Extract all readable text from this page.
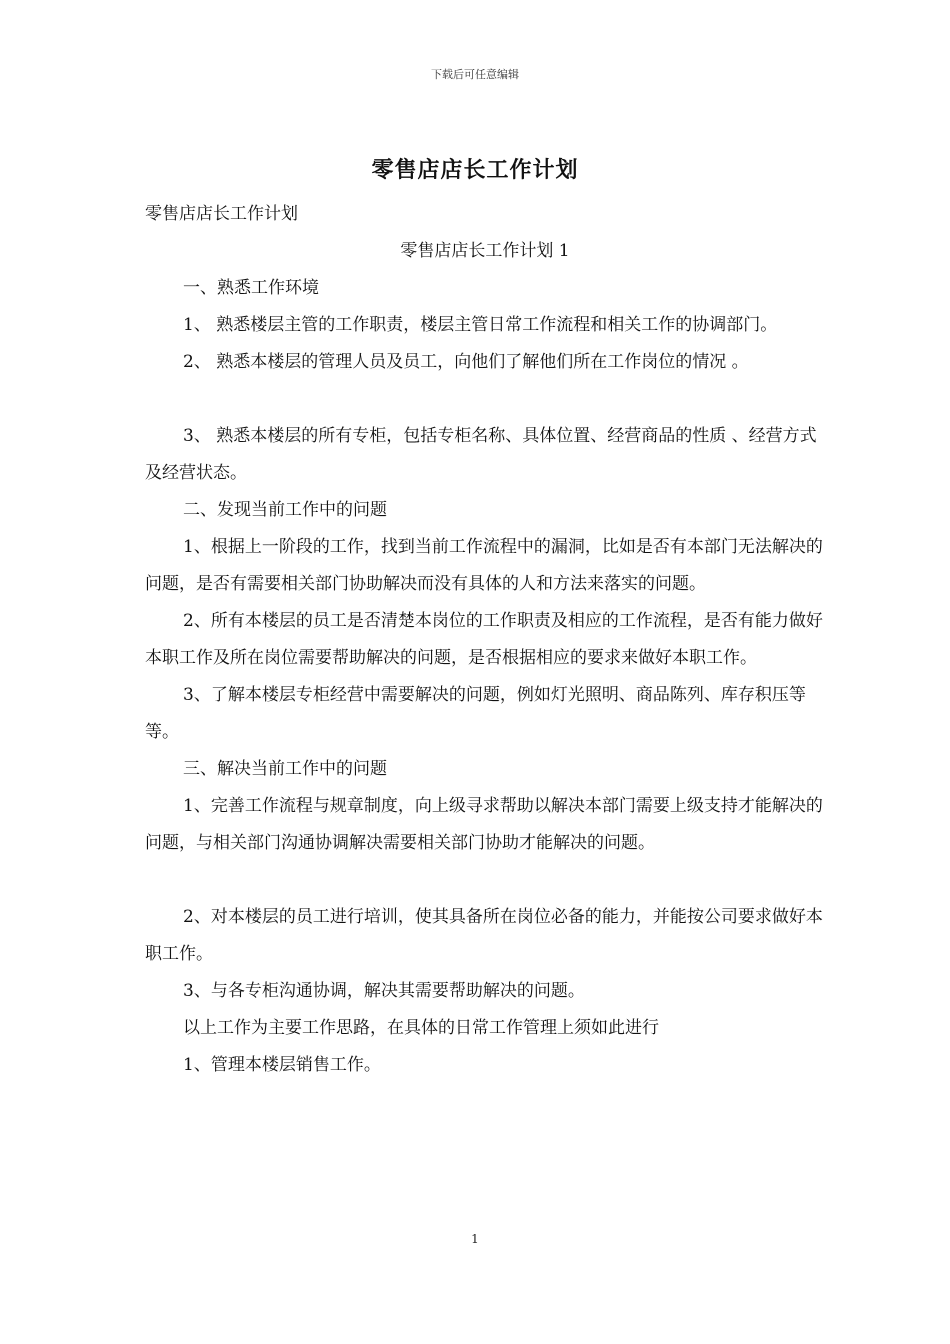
下载后可任意编辑
零售店店长工作计划

零售店店长工作计划

零售店店长工作计划 1

一、熟悉工作环境

1、 熟悉楼层主管的工作职责，楼层主管日常工作流程和相关工作的协调部门。

2、 熟悉本楼层的管理人员及员工，向他们了解他们所在工作岗位的情况 。

3、 熟悉本楼层的所有专柜，包括专柜名称、具体位置、经营商品的性质 、经营方式及经营状态。

二、发现当前工作中的问题

1、根据上一阶段的工作，找到当前工作流程中的漏洞，比如是否有本部门无法解决的问题，是否有需要相关部门协助解决而没有具体的人和方法来落实的问题。

2、所有本楼层的员工是否清楚本岗位的工作职责及相应的工作流程，是否有能力做好本职工作及所在岗位需要帮助解决的问题，是否根据相应的要求来做好本职工作。

3、了解本楼层专柜经营中需要解决的问题，例如灯光照明、商品陈列、库存积压等等。

三、解决当前工作中的问题

1、完善工作流程与规章制度，向上级寻求帮助以解决本部门需要上级支持才能解决的问题，与相关部门沟通协调解决需要相关部门协助才能解决的问题。

2、对本楼层的员工进行培训，使其具备所在岗位必备的能力，并能按公司要求做好本职工作。

3、与各专柜沟通协调，解决其需要帮助解决的问题。

以上工作为主要工作思路，在具体的日常工作管理上须如此进行

1、管理本楼层销售工作。

1
